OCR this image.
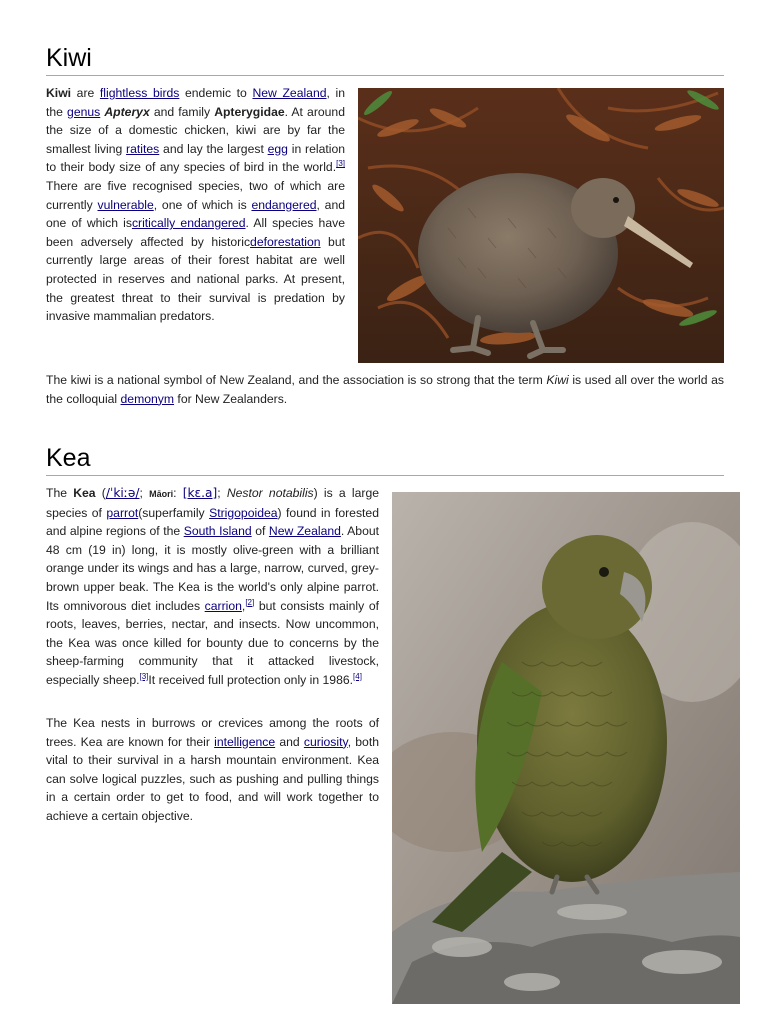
Kiwi

Kiwi are flightless birds endemic to New Zealand, in the genus Apteryx and family Apterygidae. At around the size of a domestic chicken, kiwi are by far the smallest living ratites and lay the largest egg in relation to their body size of any species of bird in the world.[3] There are five recognised species, two of which are currently vulnerable, one of which is endangered, and one of which iscritically endangered. All species have been adversely affected by historicdeforestation but currently large areas of their forest habitat are well protected in reserves and national parks. At present, the greatest threat to their survival is predation by invasive mammalian predators.

The kiwi is a national symbol of New Zealand, and the association is so strong that the term Kiwi is used all over the world as the colloquial demonym for New Zealanders.

Kea

The Kea (/ˈkiːə/; Māori: [kɛ.a]; Nestor notabilis) is a large species of parrot(superfamily Strigopoidea) found in forested and alpine regions of the South Island of New Zealand. About 48 cm (19 in) long, it is mostly olive-green with a brilliant orange under its wings and has a large, narrow, curved, grey-brown upper beak. The Kea is the world's only alpine parrot. Its omnivorous diet includes carrion,[2] but consists mainly of roots, leaves, berries, nectar, and insects. Now uncommon, the Kea was once killed for bounty due to concerns by the sheep-farming community that it attacked livestock, especially sheep.[3]It received full protection only in 1986.[4]

The Kea nests in burrows or crevices among the roots of trees. Kea are known for their intelligence and curiosity, both vital to their survival in a harsh mountain environment. Kea can solve logical puzzles, such as pushing and pulling things in a certain order to get to food, and will work together to achieve a certain objective.
